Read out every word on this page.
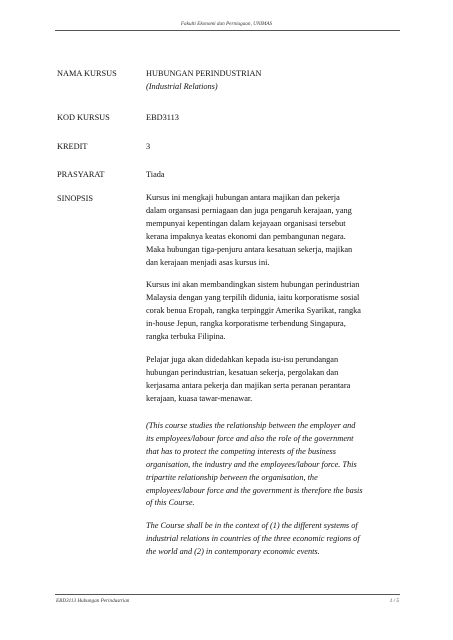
Fakulti Ekonomi dan Perniagaan, UNIMAS
NAMA KURSUS	HUBUNGAN PERINDUSTRIAN
(Industrial Relations)
KOD KURSUS	EBD3113
KREDIT	3
PRASYARAT	Tiada
SINOPSIS	Kursus ini mengkaji hubungan antara majikan dan pekerja
dalam organsasi perniagaan dan juga pengaruh kerajaan, yang
mempunyai kepentingan dalam kejayaan organisasi tersebut
kerana impaknya keatas ekonomi dan pembangunan negara.
Maka hubungan tiga-penjuru antara kesatuan sekerja, majikan
dan kerajaan menjadi asas kursus ini.
Kursus ini akan membandingkan sistem hubungan perindustrian
Malaysia dengan yang terpilih didunia, iaitu korporatisme sosial
corak benua Eropah, rangka terpinggir Amerika Syarikat, rangka
in-house Jepun, rangka korporatisme terbendung Singapura,
rangka terbuka Filipina.
Pelajar juga akan didedahkan kepada isu-isu perundangan
hubungan perindustrian, kesatuan sekerja, pergolakan dan
kerjasama antara pekerja dan majikan serta peranan perantara
kerajaan, kuasa tawar-menawar.
(This course studies the relationship between the employer and
its employees/labour force and also the role of the government
that has to protect the competing interests of the business
organisation, the industry and the employees/labour force. This
tripartite relationship between the organisation, the
employees/labour force and the government is therefore the basis
of this Course.
The Course shall be in the context of (1) the different systems of
industrial relations in countries of the three economic regions of
the world and (2) in contemporary economic events.
EBD3113 Hubungan Perindustrian	1 / 5
